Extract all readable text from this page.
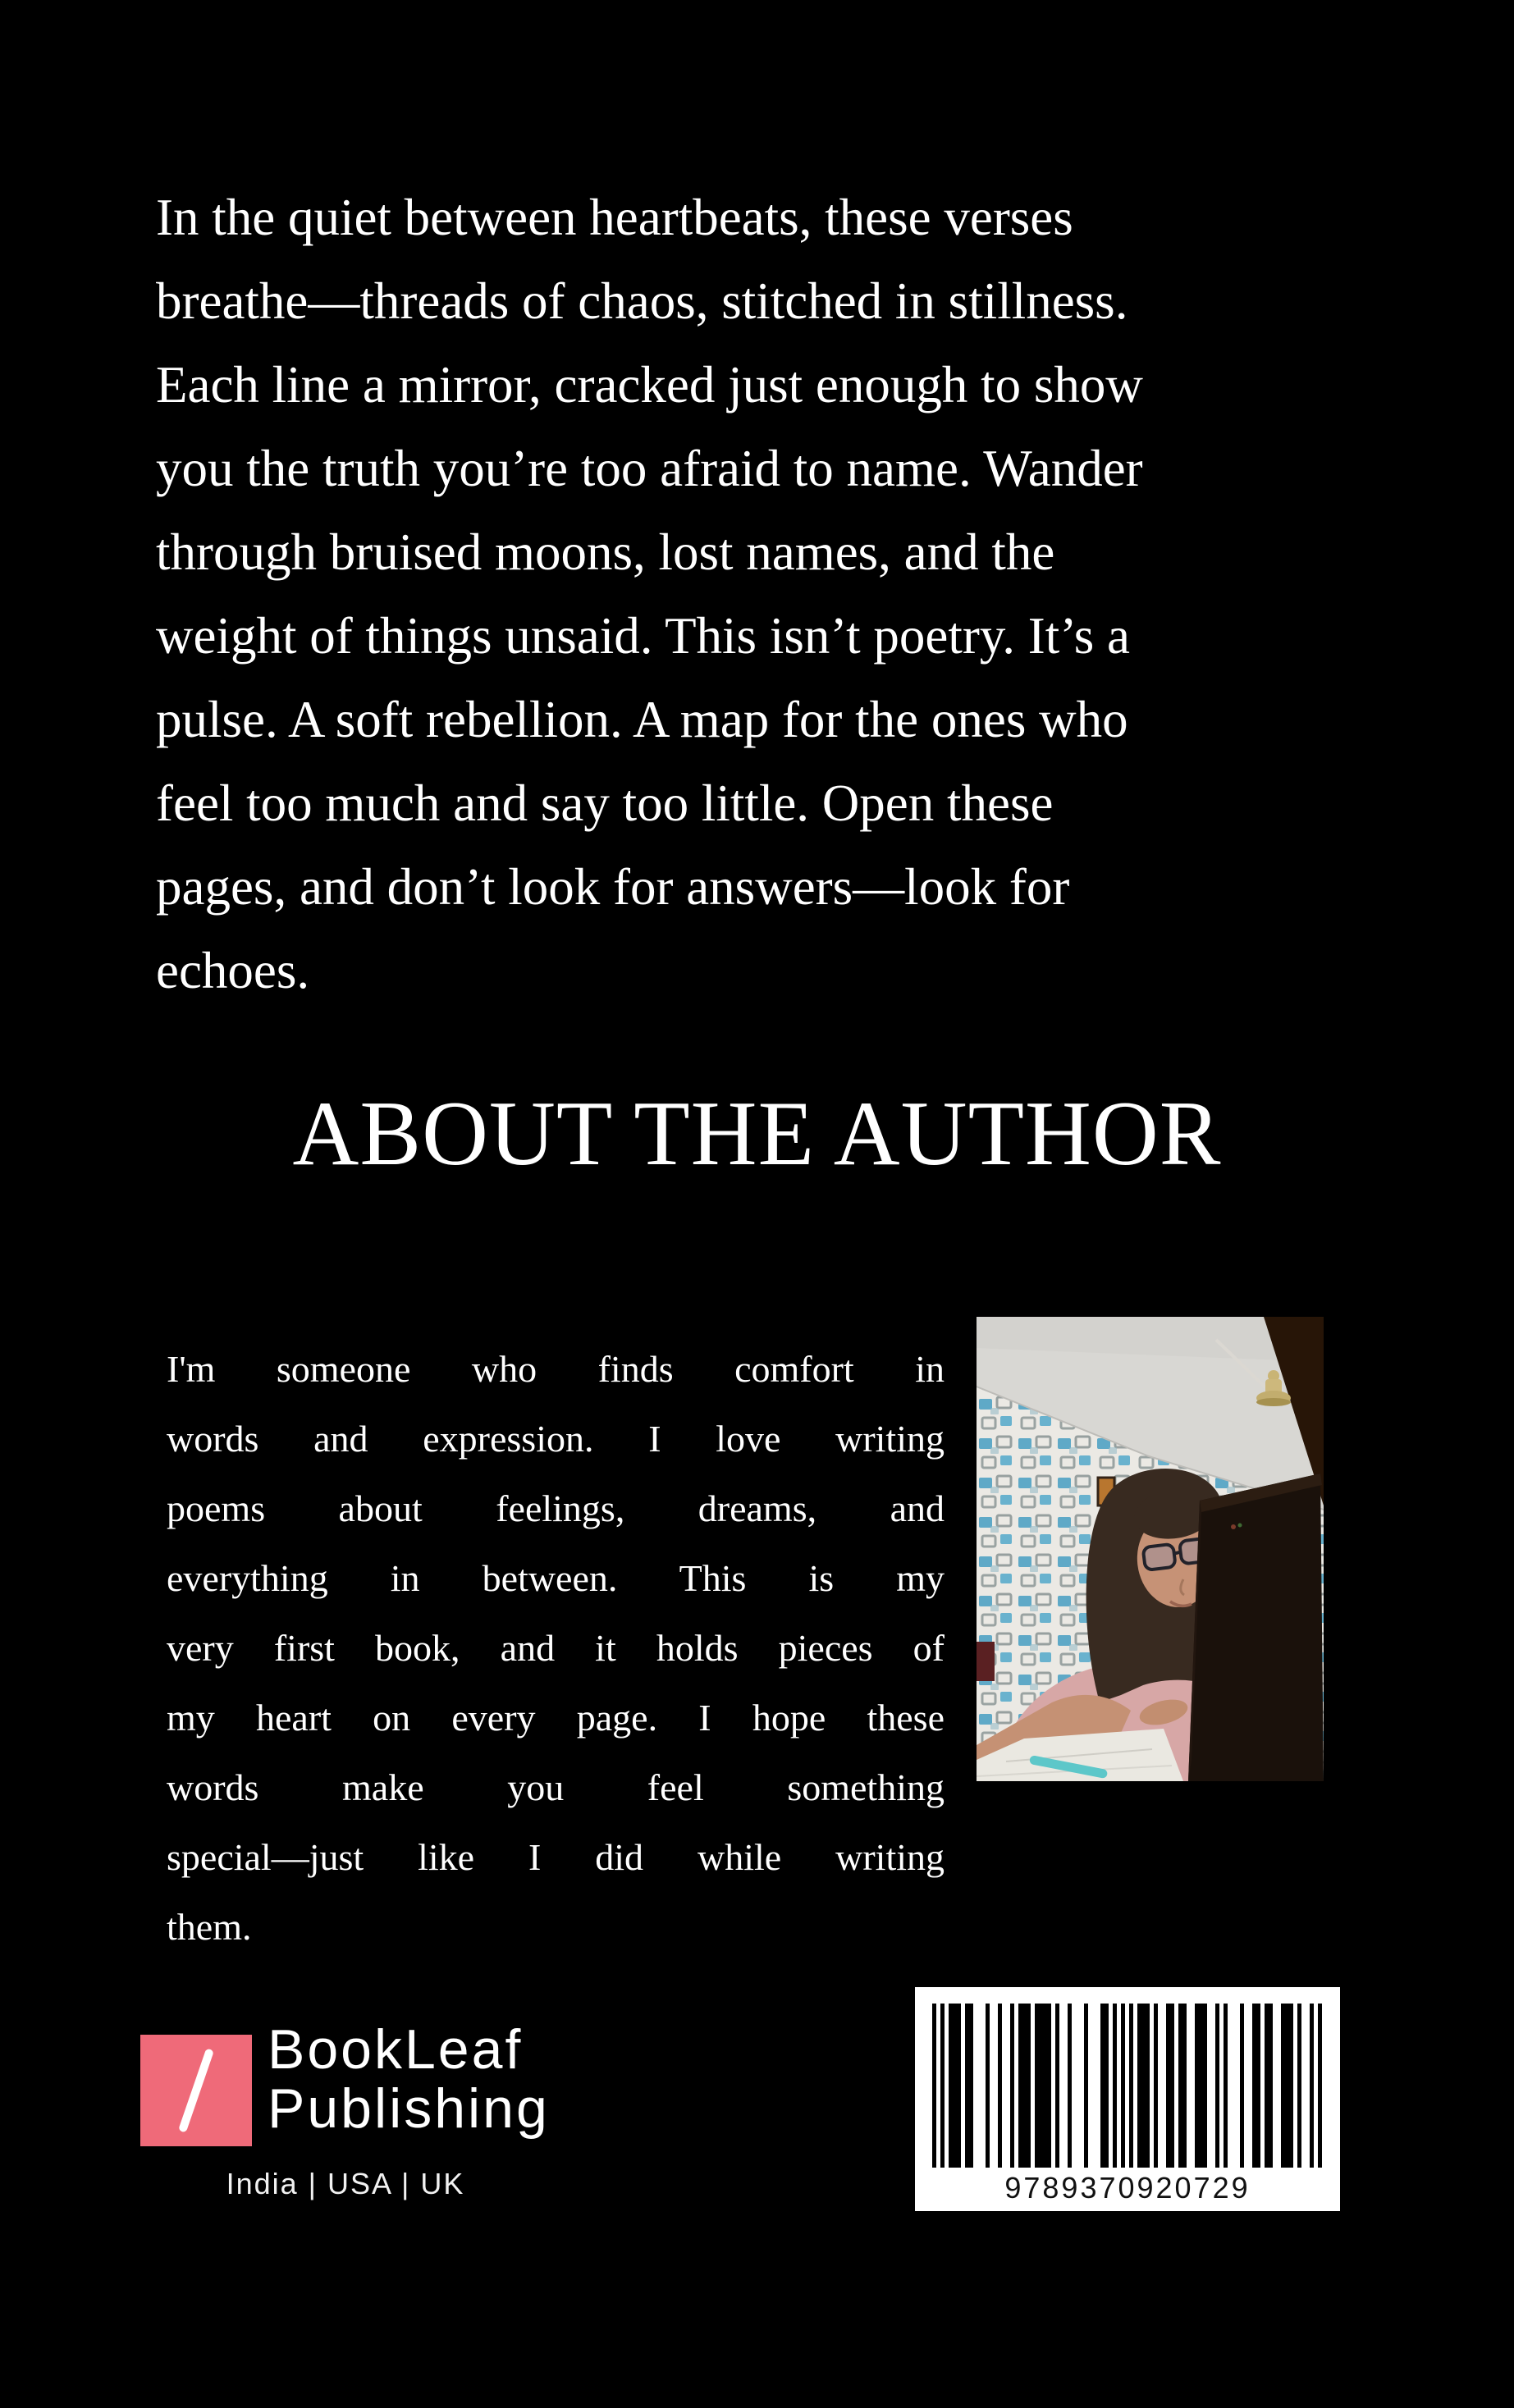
In the quiet between heartbeats, these verses
breathe—threads of chaos, stitched in stillness.
Each line a mirror, cracked just enough to show
you the truth you’re too afraid to name. Wander
through bruised moons, lost names, and the
weight of things unsaid. This isn’t poetry. It’s a
pulse. A soft rebellion. A map for the ones who
feel too much and say too little. Open these
pages, and don’t look for answers—look for
echoes.
ABOUT THE AUTHOR
I'm someone who finds comfort in
words and expression. I love writing
poems about feelings, dreams, and
everything in between. This is my
very first book, and it holds pieces of
my heart on every page. I hope these
words make you feel something
special—just like I did while writing
them.
BookLeaf
Publishing
India | USA | UK	9789370920729
